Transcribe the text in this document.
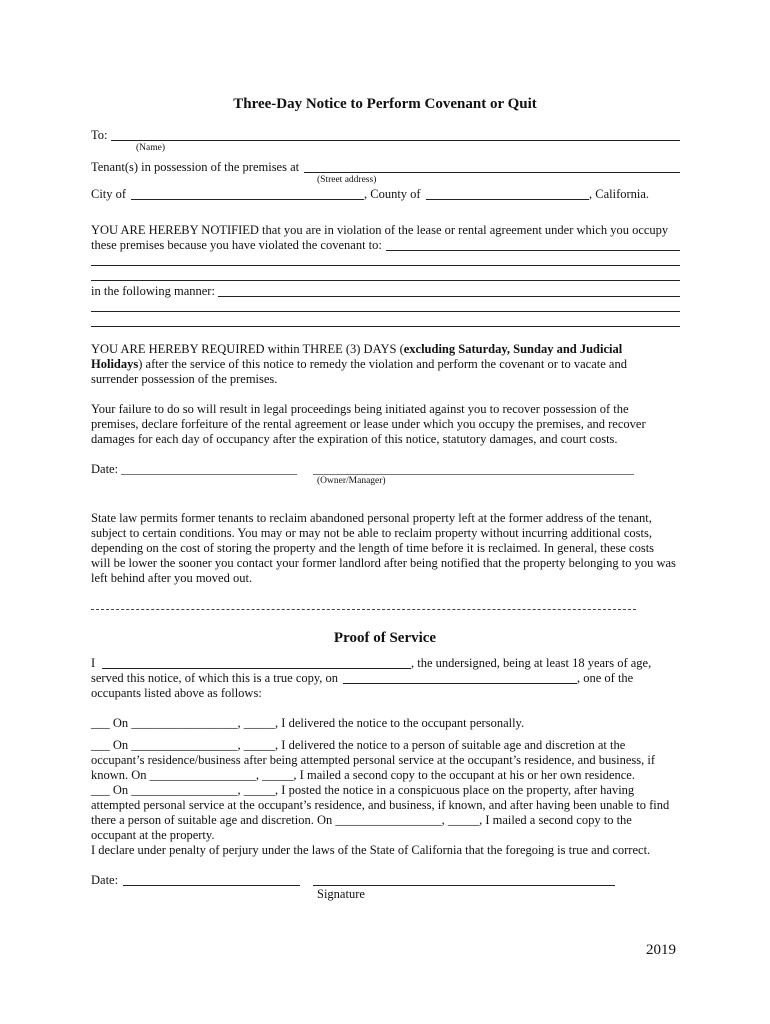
Three-Day Notice to Perform Covenant or Quit
To:
(Name)
Tenant(s) in possession of the premises at
(Street address)
City of	, County of	, California.
YOU ARE HEREBY NOTIFIED that you are in violation of the lease or rental agreement under which you occupy
these premises because you have violated the covenant to:
in the following manner:
YOU ARE HEREBY REQUIRED within THREE (3) DAYS (excluding Saturday, Sunday and Judicial
Holidays) after the service of this notice to remedy the violation and perform the covenant or to vacate and
surrender possession of the premises.
Your failure to do so will result in legal proceedings being initiated against you to recover possession of the
premises, declare forfeiture of the rental agreement or lease under which you occupy the premises, and recover
damages for each day of occupancy after the expiration of this notice, statutory damages, and court costs.
Date:
(Owner/Manager)
State law permits former tenants to reclaim abandoned personal property left at the former address of the tenant,
subject to certain conditions. You may or may not be able to reclaim property without incurring additional costs,
depending on the cost of storing the property and the length of time before it is reclaimed. In general, these costs
will be lower the sooner you contact your former landlord after being notified that the property belonging to you was
left behind after you moved out.
Proof of Service
I	, the undersigned, being at least 18 years of age,
served this notice, of which this is a true copy, on	, one of the
occupants listed above as follows:
___ On _________________, _____, I delivered the notice to the occupant personally.
___ On _________________, _____, I delivered the notice to a person of suitable age and discretion at the
occupant’s residence/business after being attempted personal service at the occupant’s residence, and business, if
known. On _________________, _____, I mailed a second copy to the occupant at his or her own residence.
___ On _________________, _____, I posted the notice in a conspicuous place on the property, after having
attempted personal service at the occupant’s residence, and business, if known, and after having been unable to find
there a person of suitable age and discretion. On _________________, _____, I mailed a second copy to the
occupant at the property.
I declare under penalty of perjury under the laws of the State of California that the foregoing is true and correct.
Date:
Signature
2019
